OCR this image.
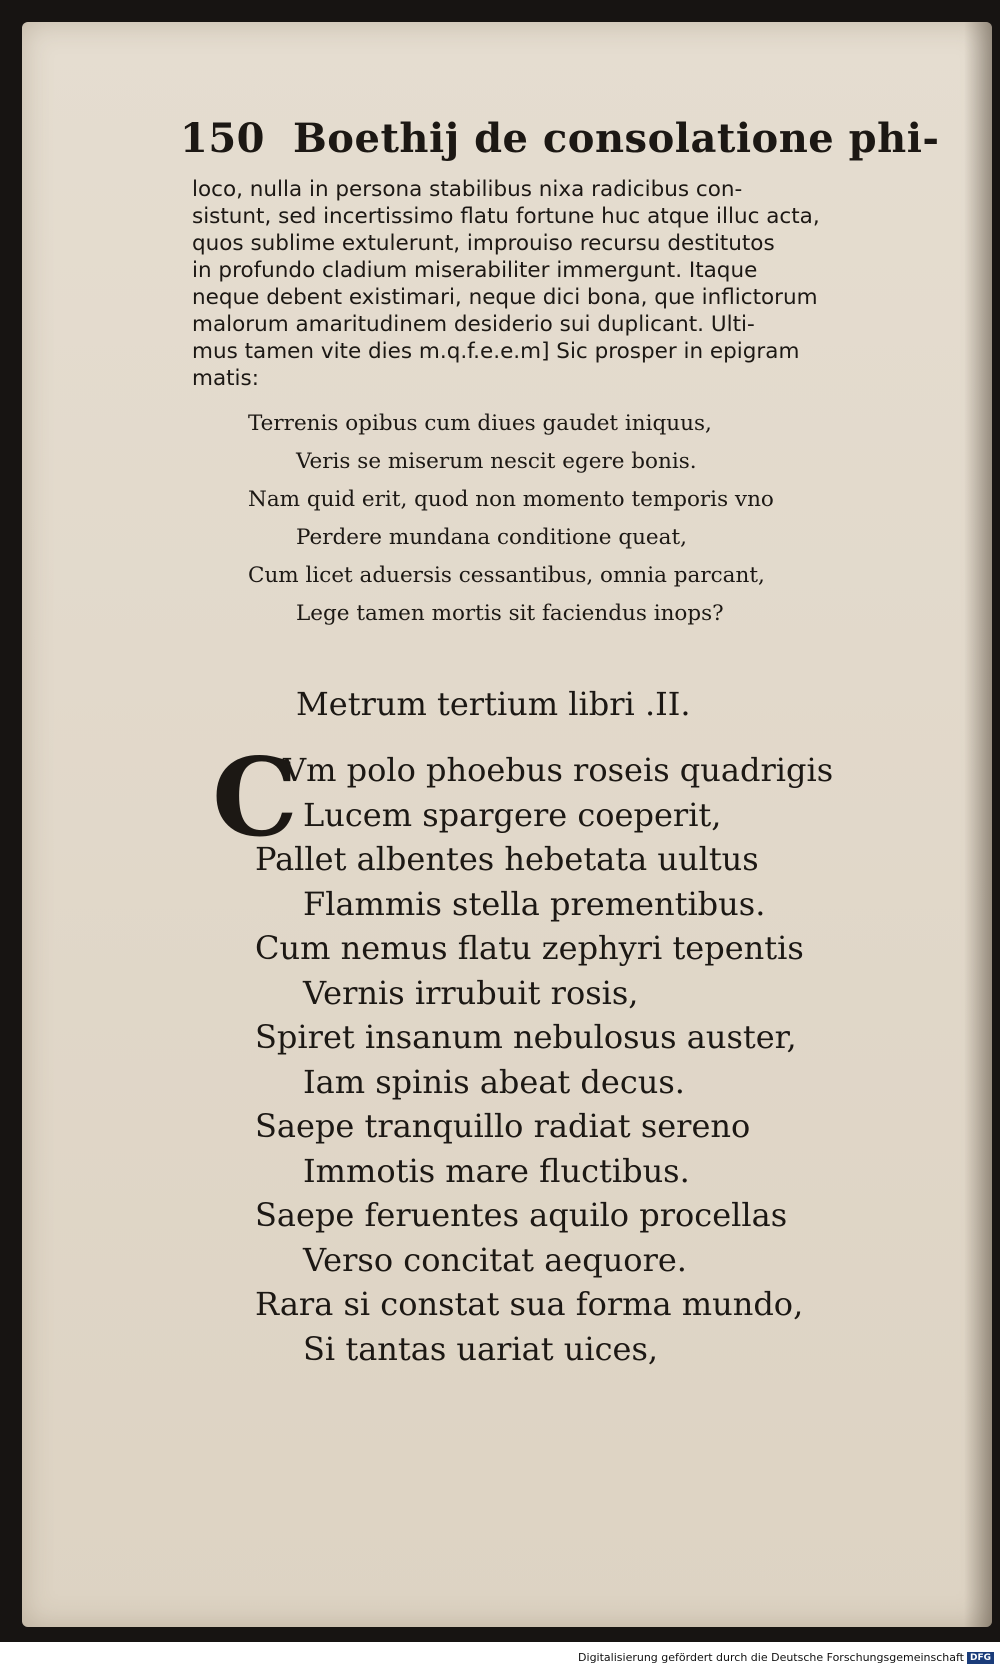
150 Boethij de consolatione phi-
loco, nulla in persona stabilibus nixa radicibus con-
sistunt, sed incertissimo flatu fortune huc atque illuc acta,
quos sublime extulerunt, improuiso recursu destitutos
in profundo cladium miserabiliter immergunt. Itaque
neque debent existimari, neque dici bona, que inflictorum
malorum amaritudinem desiderio sui duplicant. Ulti-
mus tamen vite dies m.q.f.e.e.m] Sic prosper in epigram
matis:
Terrenis opibus cum diues gaudet iniquus,
Veris se miserum nescit egere bonis.
Nam quid erit, quod non momento temporis vno
Perdere mundana conditione queat,
Cum licet aduersis cessantibus, omnia parcant,
Lege tamen mortis sit faciendus inops?
Metrum tertium libri .II.
C
Vm polo phoebus roseis quadrigis
Lucem spargere coeperit,
Pallet albentes hebetata uultus
Flammis stella prementibus.
Cum nemus flatu zephyri tepentis
Vernis irrubuit rosis,
Spiret insanum nebulosus auster,
Iam spinis abeat decus.
Saepe tranquillo radiat sereno
Immotis mare fluctibus.
Saepe feruentes aquilo procellas
Verso concitat aequore.
Rara si constat sua forma mundo,
Si tantas uariat uices,
Digitalisierung gefördert durch die Deutsche Forschungsgemeinschaft DFG
